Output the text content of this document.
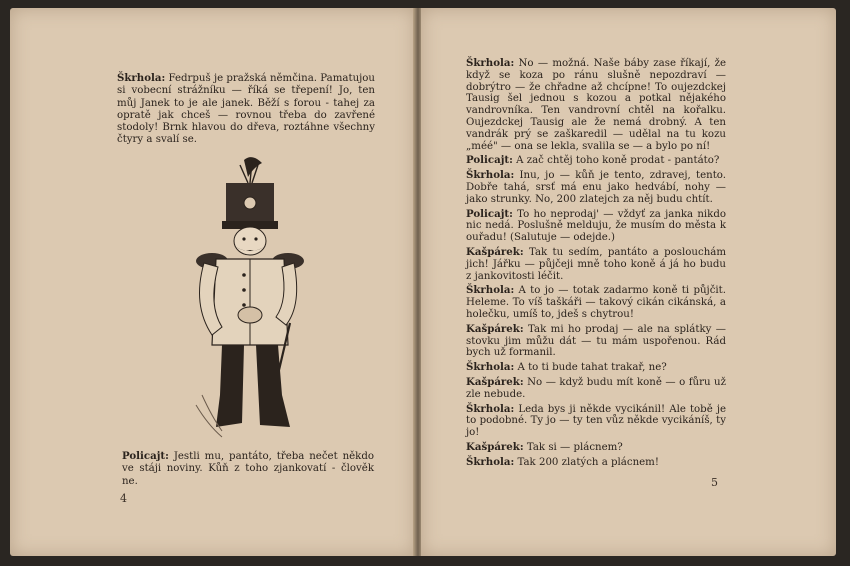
Škrhola: Fedrpuš je pražská němčina. Pamatujou si vobecní strážníku — říká se třepení! Jo, ten můj Janek to je ale janek. Běží s forou - tahej za opratě jak chceš — rovnou třeba do zavřené stodoly! Brnk hlavou do dřeva, roztáhne všechny čtyry a svalí se.
Policajt: Jestli mu, pantáto, třeba nečet někdo ve stáji noviny. Kůň z toho zjankovatí - člověk ne.
4
Škrhola: No — možná. Naše báby zase říkají, že když se koza po ránu slušně nepozdraví — dobrýtro — že chřadne až chcípne! To oujezdckej Tausig šel jednou s kozou a potkal nějakého vandrovníka. Ten vandrovní chtěl na kořalku. Oujezdckej Tausig ale že nemá drobný. A ten vandrák prý se zaškaredil — udělal na tu kozu „méé" — ona se lekla, svalila se — a bylo po ní!
Policajt: A zač chtěj toho koně prodat - pantáto?
Škrhola: Inu, jo — kůň je tento, zdravej, tento. Dobře tahá, srsť má enu jako hedvábí, nohy — jako strunky. No, 200 zlatejch za něj budu chtít.
Policajt: To ho neprodaj' — vždyť za janka nikdo nic nedá. Poslušně melduju, že musím do města k ouřadu! (Salutuje — odejde.)
Kašpárek: Tak tu sedím, pantáto a poslouchám jich! Jářku — půjčeji mně toho koně á já ho budu z jankovitosti léčit.
Škrhola: A to jo — totak zadarmo koně ti půjčit. Heleme. To víš taškáři — takový cikán cikánská, a holečku, umíš to, jdeš s chytrou!
Kašpárek: Tak mi ho prodaj — ale na splátky — stovku jim můžu dát — tu mám uspořenou. Rád bych už formanil.
Škrhola: A to ti bude tahat trakař, ne?
Kašpárek: No — když budu mít koně — o fůru už zle nebude.
Škrhola: Leda bys ji někde vycikánil! Ale tobě je to podobné. Ty jo — ty ten vůz někde vycikáníš, ty jo!
Kašpárek: Tak si — plácnem?
Škrhola: Tak 200 zlatých a plácnem!
5
